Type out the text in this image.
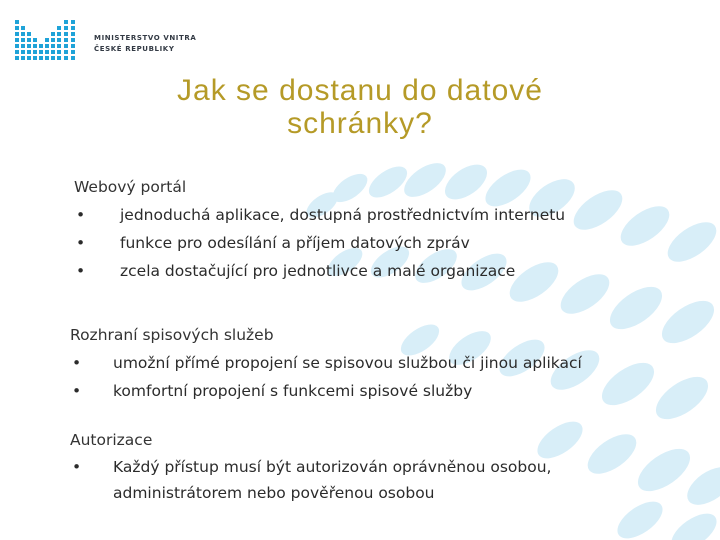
MINISTERSTVO VNITRA
ČESKÉ REPUBLIKY
Jak se dostanu do datové
schránky?
Webový portál
• jednoduchá aplikace, dostupná prostřednictvím internetu
• funkce pro odesílání a příjem datových zpráv
• zcela dostačující pro jednotlivce a malé organizace
Rozhraní spisových služeb
• umožní přímé propojení se spisovou službou či jinou aplikací
• komfortní propojení s funkcemi spisové služby
Autorizace
• Každý přístup musí být autorizován oprávněnou osobou, administrátorem nebo pověřenou osobou
